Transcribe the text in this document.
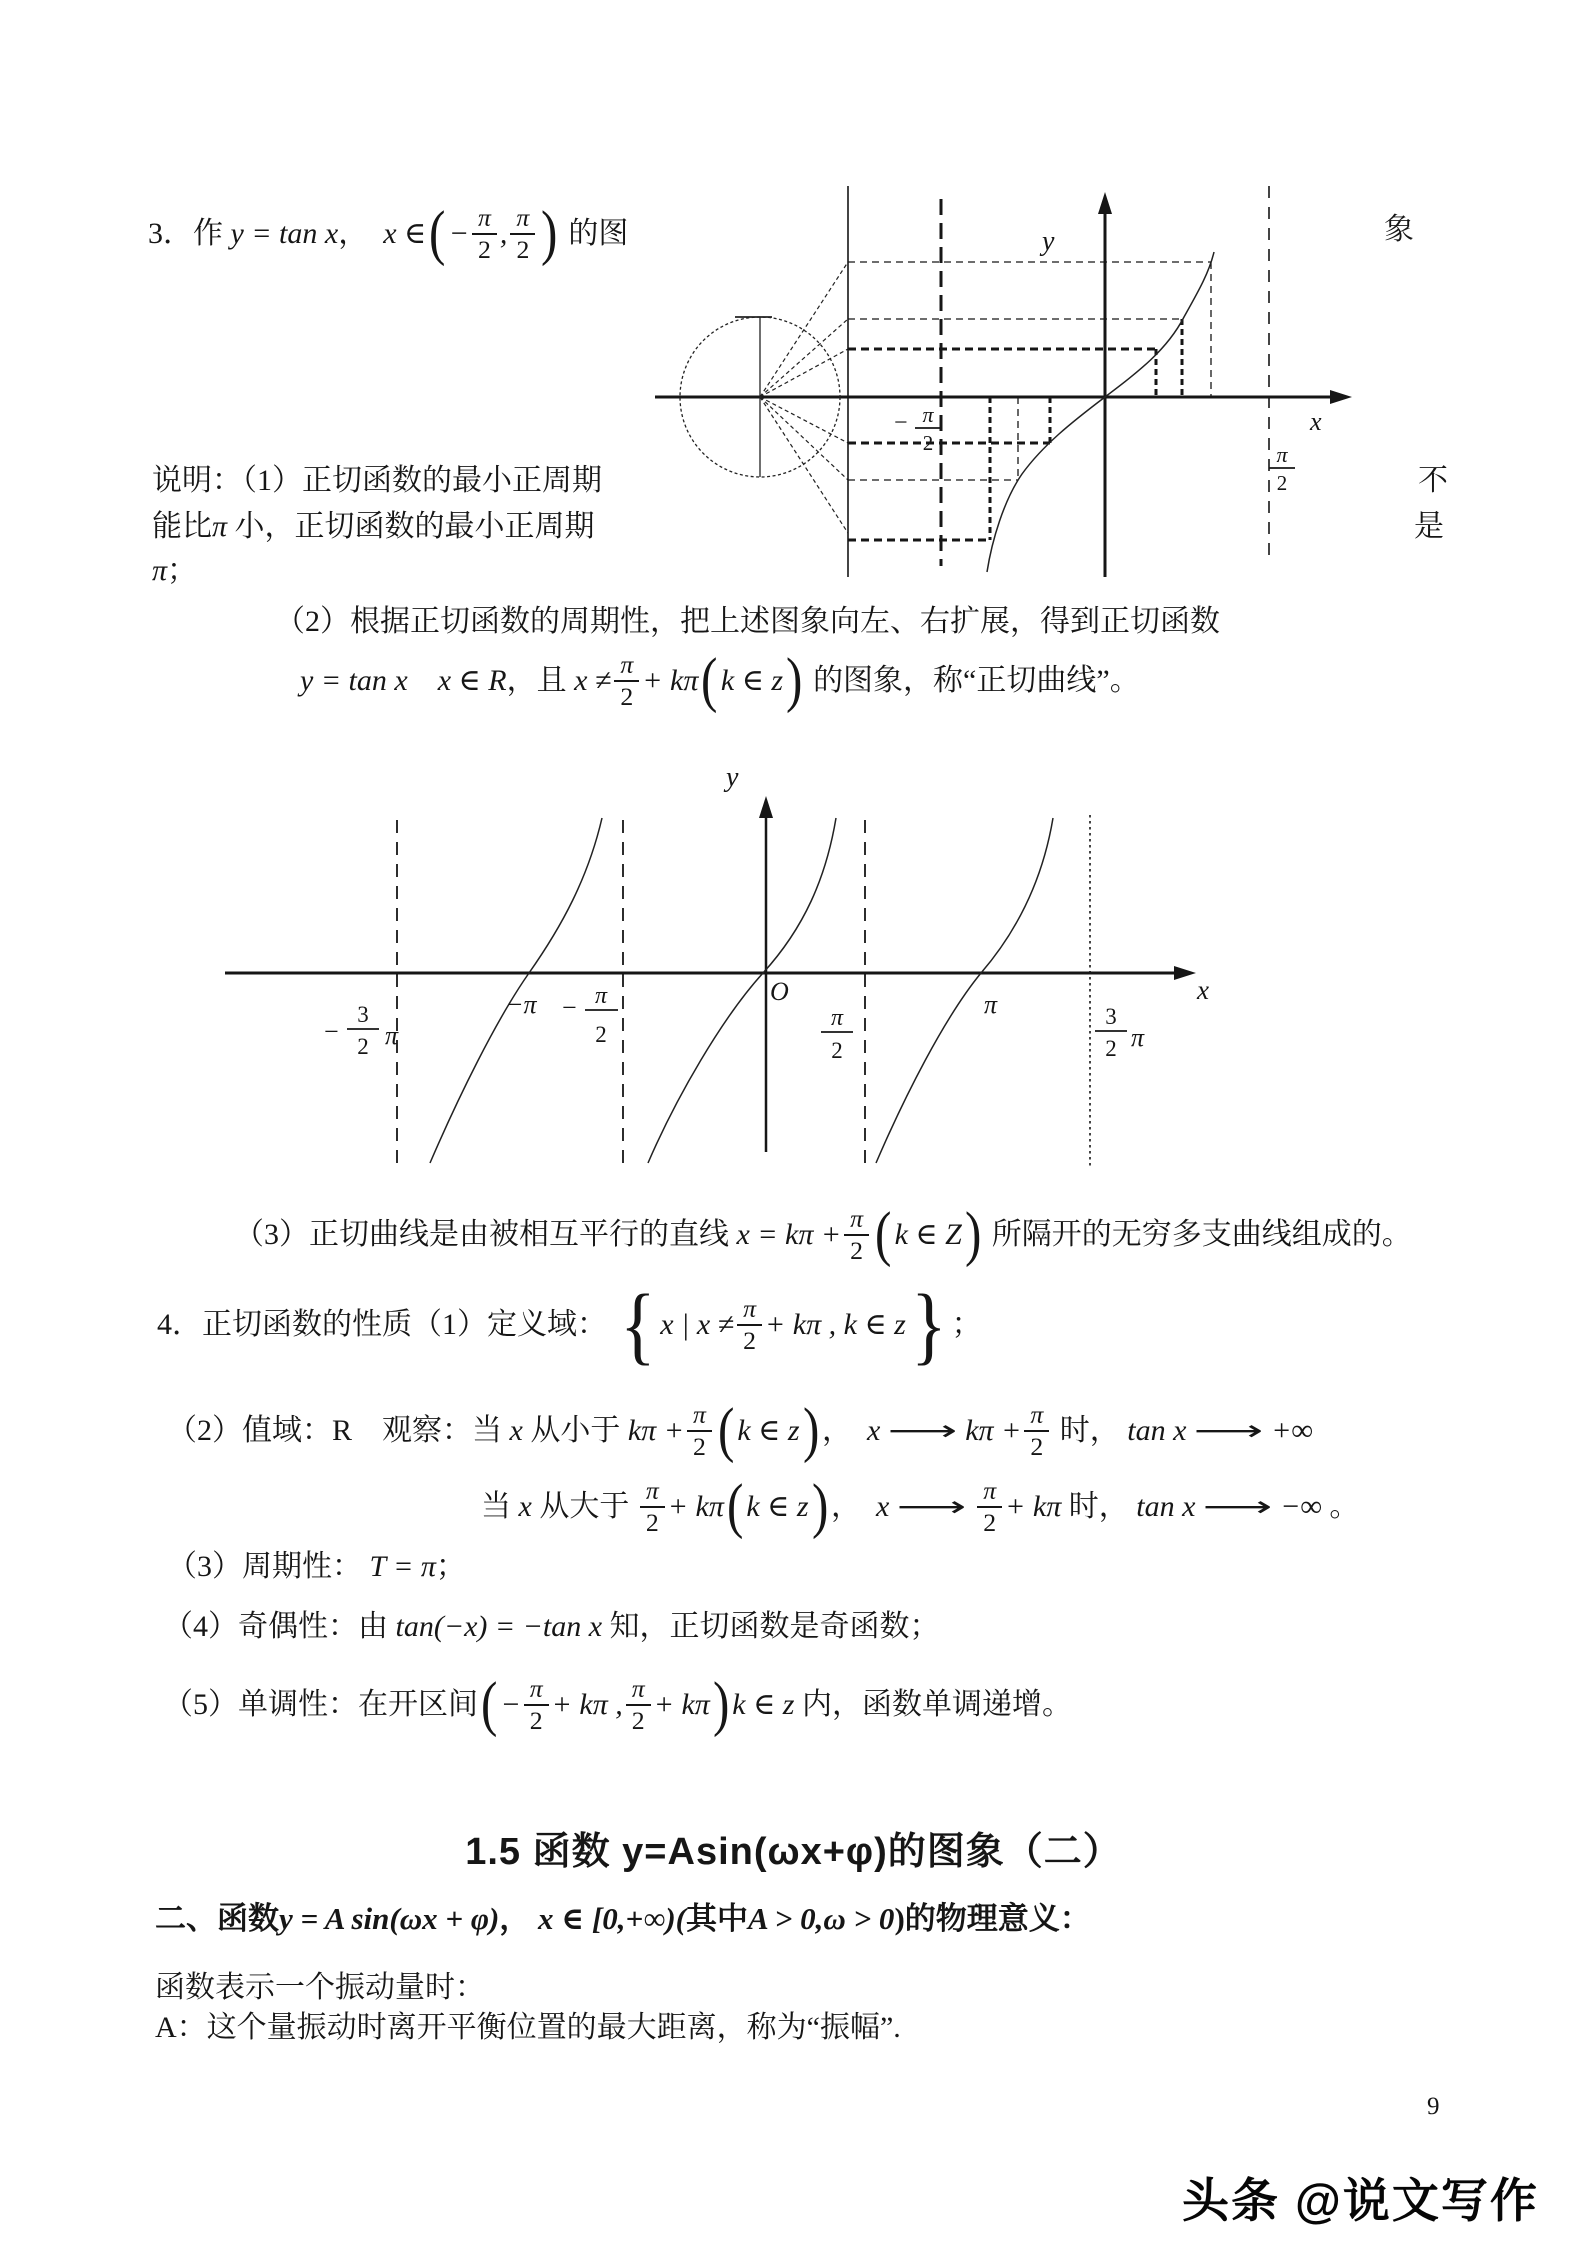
3．作 y = tan x ，　 x ∈ ( − $\frac{\pi}{2}$ , π
2 ) 的图	象
y
x
− π
2	π
2
说明：（1）正切函数的最小正周期	不
能比 π 小，正切函数的最小正周期	是
π ；
（2）根据正切函数的周期性，把上述图象向左、右扩展，得到正切函数
y = tan x 　x ∈ R ，且 x ≠ π
2 + kπ ( k ∈ z ) 的图象，称“正切曲线”。
y
x
O
−
3
2 π
−π − π
2
π
2
π	3
2 π
（3）正切曲线是由被相互平行的直线 $x = k\pi + \frac{\pi}{2}$ ( k ∈ Z ) 所隔开的无穷多支曲线组成的。
4．正切函数的性质（1）定义域： { x | x ≠ π
2 + kπ , k ∈ z } ；
（2）值域：R　观察：当 x 从小于 $k\pi + \frac{\pi}{2}$ ( k ∈ z ) ，　 x ⟶ $k\pi + \frac{\pi}{2}$ 时， tan x ⟶ +∞
当 x 从大于 π
2 + kπ ( k ∈ z ) ，　 x ⟶ π
2 + kπ 时， tan x ⟶ −∞ 。
（3）周期性： T = π ；
（4）奇偶性：由 tan(−x) = −tan x 知，正切函数是奇函数；
（5）单调性：在开区间 ( − $\frac{\pi}{2} + k\pi$ , π
2 + kπ ) k ∈ z 内，函数单调递增。
1.5 函数 y=Asin(ωx+φ)的图象（二）
二、函数 y = A sin(ωx + φ) ， x ∈ [0,+∞)( 其中 A > 0,ω > 0 )的物理意义：
函数表示一个振动量时：
A：这个量振动时离开平衡位置的最大距离，称为“振幅”.
9
头条 @说文写作
